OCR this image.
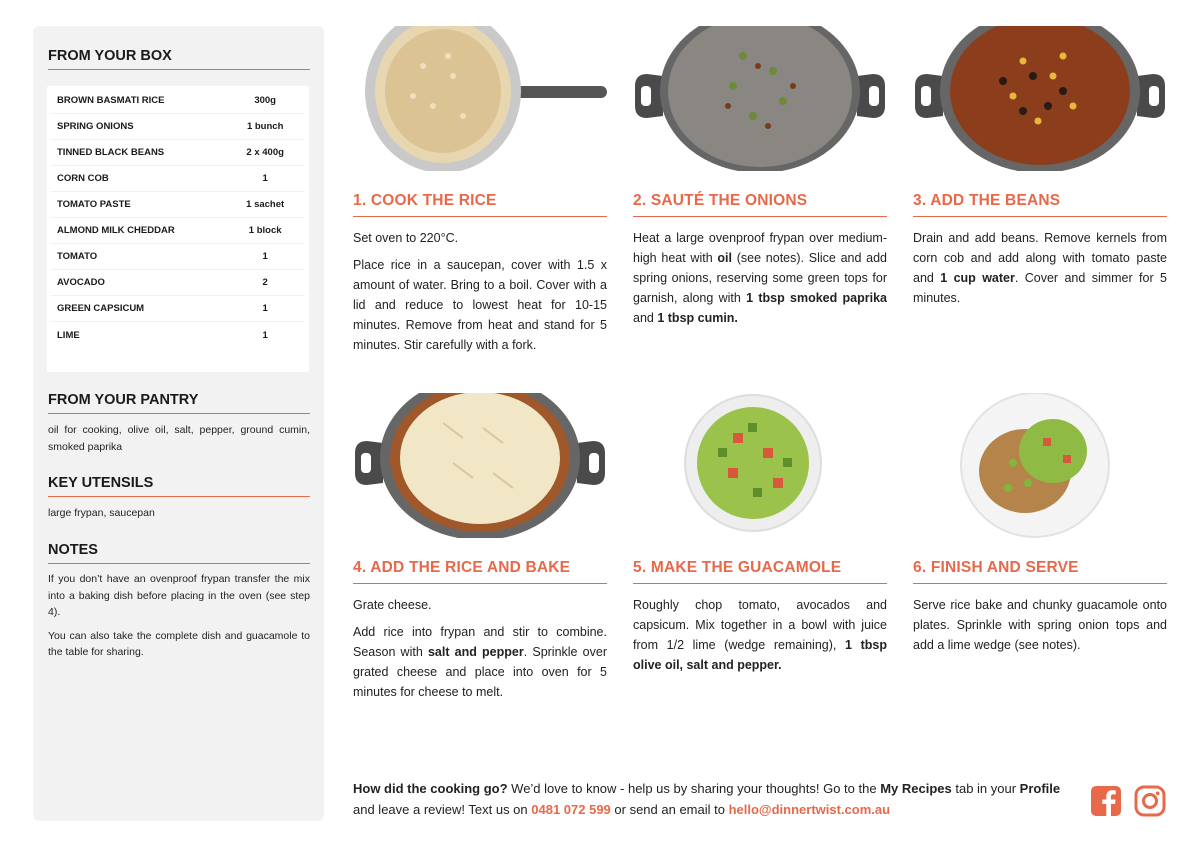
FROM YOUR BOX
BROWN BASMATI RICE	300g
SPRING ONIONS	1 bunch
TINNED BLACK BEANS	2 x 400g
CORN COB	1
TOMATO PASTE	1 sachet
ALMOND MILK CHEDDAR	1 block
TOMATO	1
AVOCADO	2
GREEN CAPSICUM	1
LIME	1
FROM YOUR PANTRY
oil for cooking, olive oil, salt, pepper, ground cumin, smoked paprika
KEY UTENSILS
large frypan, saucepan
NOTES

If you don’t have an ovenproof frypan transfer the mix into a baking dish before placing in the oven (see step 4).

You can also take the complete dish and guacamole to the table for sharing.

1. COOK THE RICE

Set oven to 220°C.

Place rice in a saucepan, cover with 1.5 x amount of water. Bring to a boil. Cover with a lid and reduce to lowest heat for 10-15 minutes. Remove from heat and stand for 5 minutes. Stir carefully with a fork.

2. SAUTÉ THE ONIONS

Heat a large ovenproof frypan over medium-high heat with oil (see notes). Slice and add spring onions, reserving some green tops for garnish, along with 1 tbsp smoked paprika and 1 tbsp cumin.

3. ADD THE BEANS

Drain and add beans. Remove kernels from corn cob and add along with tomato paste and 1 cup water. Cover and simmer for 5 minutes.

4. ADD THE RICE AND BAKE

Grate cheese.

Add rice into frypan and stir to combine. Season with salt and pepper. Sprinkle over grated cheese and place into oven for 5 minutes for cheese to melt.

5. MAKE THE GUACAMOLE

Roughly chop tomato, avocados and capsicum. Mix together in a bowl with juice from 1/2 lime (wedge remaining), 1 tbsp olive oil, salt and pepper.

6. FINISH AND SERVE

Serve rice bake and chunky guacamole onto plates. Sprinkle with spring onion tops and add a lime wedge (see notes).

How did the cooking go? We’d love to know - help us by sharing your thoughts! Go to the My Recipes tab in your Profile and leave a review! Text us on 0481 072 599 or send an email to hello@dinnertwist.com.au
